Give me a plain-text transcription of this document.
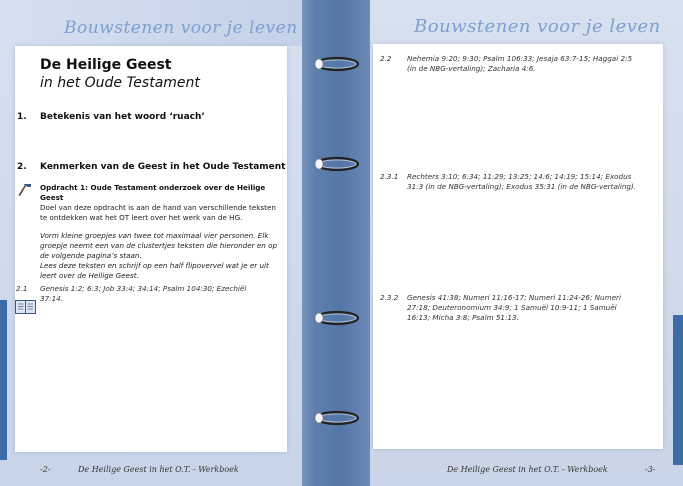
Bouwstenen voor je leven
De Heilige Geest
in het Oude Testament
1. Betekenis van het woord ‘ruach’
2. Kenmerken van de Geest in het Oude Testament
Opdracht 1: Oude Testament onderzoek over de Heilige Geest
Doel van deze opdracht is aan de hand van verschillende teksten
te ontdekken wat het OT leert over het werk van de HG.
Vorm kleine groepjes van twee tot maximaal vier personen. Elk
groepje neemt een van de clustertjes teksten die hieronder en op
de volgende pagina’s staan.
Lees deze teksten en schrijf op een half flipovervel wat je er uit
leert over de Heilige Geest.
2.1 Genesis 1:2; 6:3; Job 33:4; 34:14; Psalm 104:30; Ezechiël
37:14.
-2-	De Heilige Geest in het O.T. - Werkboek
Bouwstenen voor je leven
2.2 Nehemia 9:20; 9:30; Psalm 106:33; Jesaja 63:7-15; Haggai 2:5
(in de NBG-vertaling); Zacharia 4:6.
2.3.1 Rechters 3:10; 6:34; 11:29; 13:25; 14:6; 14:19; 15:14; Exodus
31:3 (in de NBG-vertaling); Exodus 35:31 (in de NBG-vertaling).
2.3.2 Genesis 41:38; Numeri 11:16-17; Numeri 11:24-26; Numeri
27:18; Deuteronomium 34:9; 1 Samuël 10:9-11; 1 Samuël
16:13; Micha 3:8; Psalm 51:13.
De Heilige Geest in het O.T. - Werkboek	-3-
